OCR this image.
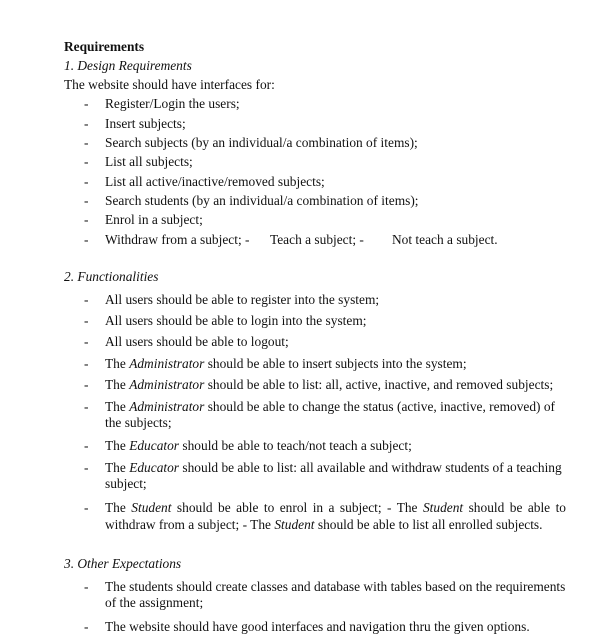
Requirements
1. Design Requirements
The website should have interfaces for:
- Register/Login the users;
- Insert subjects;
- Search subjects (by an individual/a combination of items);
- List all subjects;
- List all active/inactive/removed subjects;
- Search students (by an individual/a combination of items);
- Enrol in a subject;
- Withdraw from a subject; - Teach a subject; - Not teach a subject.
2. Functionalities
- All users should be able to register into the system;
- All users should be able to login into the system;
- All users should be able to logout;
- The Administrator should be able to insert subjects into the system;
- The Administrator should be able to list: all, active, inactive, and removed subjects;
- The Administrator should be able to change the status (active, inactive, removed) of
the subjects;
- The Educator should be able to teach/not teach a subject;
- The Educator should be able to list: all available and withdraw students of a teaching
subject;
- The Student should be able to enrol in a subject; - The Student should be able to
withdraw from a subject; - The Student should be able to list all enrolled subjects.
3. Other Expectations
- The students should create classes and database with tables based on the requirements
of the assignment;
- The website should have good interfaces and navigation thru the given options.
